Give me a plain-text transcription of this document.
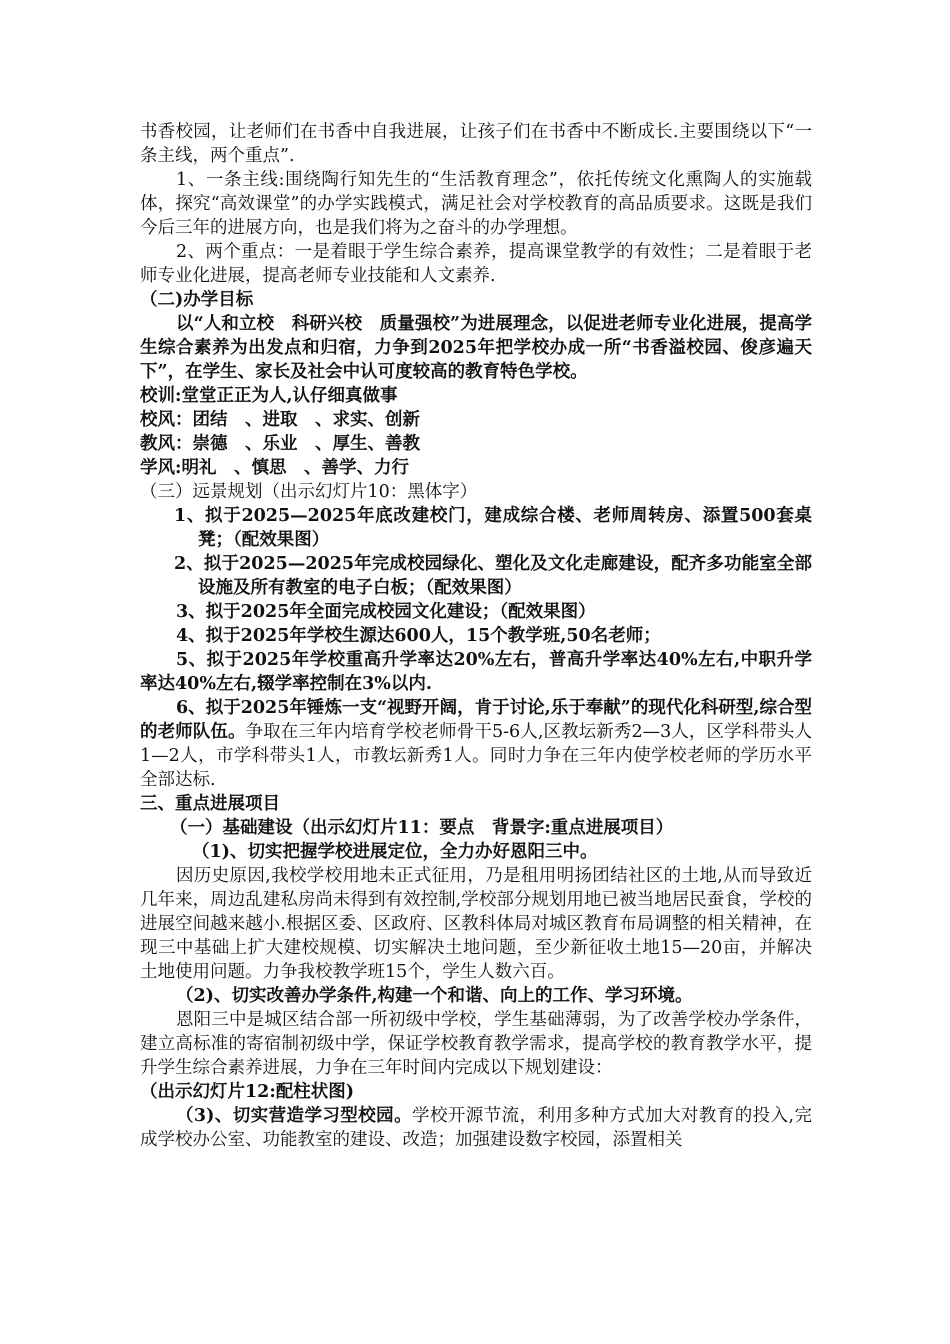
书香校园，让老师们在书香中自我进展，让孩子们在书香中不断成长.主要围绕以下“一条主线，两个重点”.

1、一条主线:围绕陶行知先生的“生活教育理念”，依托传统文化熏陶人的实施载体，探究“高效课堂”的办学实践模式，满足社会对学校教育的高品质要求。这既是我们今后三年的进展方向，也是我们将为之奋斗的办学理想。

2、两个重点：一是着眼于学生综合素养，提高课堂教学的有效性；二是着眼于老师专业化进展，提高老师专业技能和人文素养.

（二)办学目标

以“人和立校　科研兴校　质量强校”为进展理念，以促进老师专业化进展，提高学生综合素养为出发点和归宿，力争到2025年把学校办成一所“书香溢校园、俊彦遍天下”，在学生、家长及社会中认可度较高的教育特色学校。

校训:堂堂正正为人,认仔细真做事

校风：团结　、进取　、求实、创新

教风：崇德　、乐业　、厚生、善教

学风:明礼　、慎思　、善学、力行

（三）远景规划（出示幻灯片10：黑体字）

1、拟于2025—2025年底改建校门，建成综合楼、老师周转房、添置500套桌凳；（配效果图）

2、拟于2025—2025年完成校园绿化、塑化及文化走廊建设，配齐多功能室全部设施及所有教室的电子白板；（配效果图）

3、拟于2025年全面完成校园文化建设；（配效果图）

4、拟于2025年学校生源达600人，15个教学班,50名老师；

5、拟于2025年学校重高升学率达20%左右，普高升学率达40%左右,中职升学率达40%左右,辍学率控制在3%以内.

6、拟于2025年锤炼一支“视野开阔，肯于讨论,乐于奉献”的现代化科研型,综合型的老师队伍。争取在三年内培育学校老师骨干5-6人,区教坛新秀2—3人，区学科带头人1—2人，市学科带头1人，市教坛新秀1人。同时力争在三年内使学校老师的学历水平全部达标.

三、重点进展项目

（一）基础建设（出示幻灯片11：要点　背景字:重点进展项目）

（1)、切实把握学校进展定位，全力办好恩阳三中。

因历史原因,我校学校用地未正式征用，乃是租用明扬团结社区的土地,从而导致近几年来，周边乱建私房尚未得到有效控制,学校部分规划用地已被当地居民蚕食，学校的进展空间越来越小.根据区委、区政府、区教科体局对城区教育布局调整的相关精神，在现三中基础上扩大建校规模、切实解决土地问题，至少新征收土地15—20亩，并解决土地使用问题。力争我校教学班15个，学生人数六百。

（2)、切实改善办学条件,构建一个和谐、向上的工作、学习环境。

恩阳三中是城区结合部一所初级中学校，学生基础薄弱，为了改善学校办学条件，建立高标准的寄宿制初级中学，保证学校教育教学需求，提高学校的教育教学水平，提升学生综合素养进展，力争在三年时间内完成以下规划建设：

（出示幻灯片12:配柱状图)

（3)、切实营造学习型校园。学校开源节流，利用多种方式加大对教育的投入,完成学校办公室、功能教室的建设、改造；加强建设数字校园，添置相关
